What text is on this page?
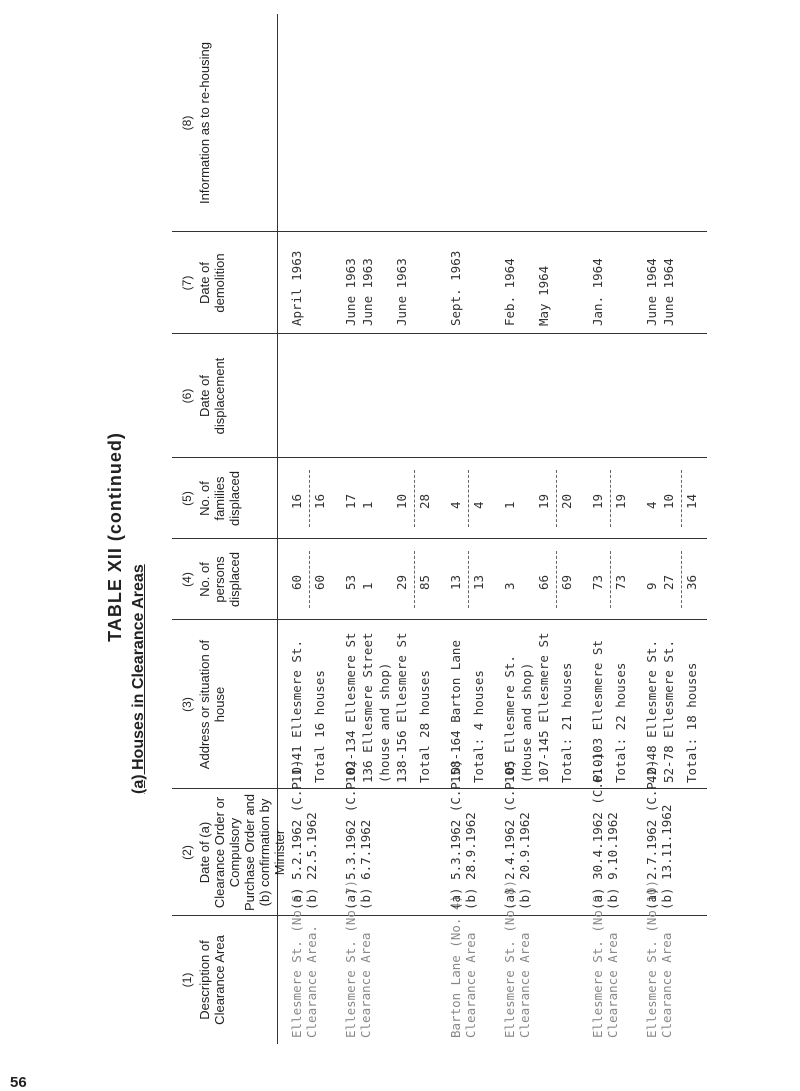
56
TABLE XII (continued)
(a) Houses in Clearance Areas
(1) Description of Clearance Area
(2) Date of (a) Clearance Order or Compulsory Purchase Order and (b) confirmation by Minister
(3) Address or situation of house
(4) No. of persons displaced
(5) No. of families displaced
(6) Date of displacement
(7) Date of demolition
(8) Information as to re-housing
Ellesmere St. (No.6)
Clearance Area.
(a) 5.2.1962 (C.P.O)
(b) 22.5.1962
11-41 Ellesmere St.
60
16
April 1963
Total 16 houses
60
16
Ellesmere St. (No. 7)
Clearance Area
(a) 5.3.1962 (C.P.O)
(b) 6.7.1962
102-134 Ellesmere St
53
17
June 1963
136 Ellesmere Street
1
1
June 1963
(house and shop) 138-156 Ellesmere St
29
10
June 1963
Total 28 houses
85
28
Barton Lane (No. 4)
Clearance Area
(a) 5.3.1962 (C.P.O)
(b) 28.9.1962
158-164 Barton Lane
13
4
Sept. 1963
Total: 4 houses
13
4
Ellesmere St. (No. 8)
Clearance Area
(a) 2.4.1962 (C.P.O)
(b) 20.9.1962
105 Ellesmere St.
3
1
Feb. 1964
(House and shop) 107-145 Ellesmere St
66
19
May 1964
Total: 21 houses
69
20
Ellesmere St. (No.9)
Clearance Area
(a) 30.4.1962 (C.P.O)
(b) 9.10.1962
61-103 Ellesmere St
73
19
Jan. 1964
Total: 22 houses
73
19
Ellesmere St. (No.10)
Clearance Area
(a) 2.7.1962 (C.P.O)
(b) 13.11.1962
42-48 Ellesmere St.
9
4
June 1964
52-78 Ellesmere St.
27
10
June 1964
Total: 18 houses
36
14
